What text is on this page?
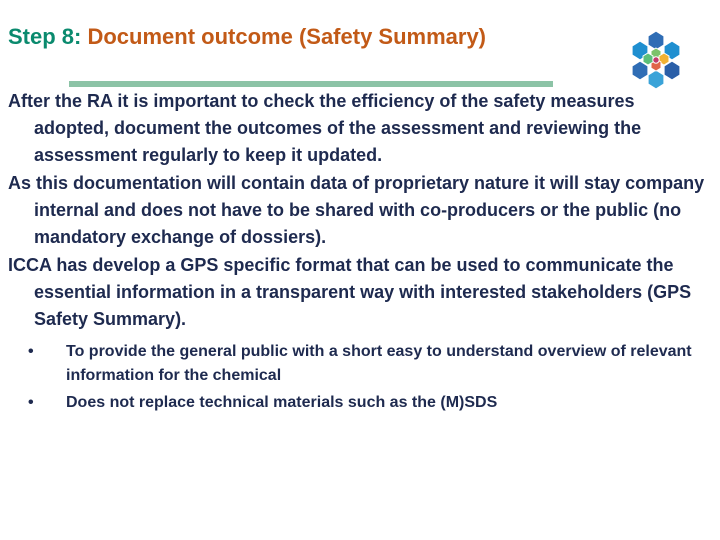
Step 8: Document outcome (Safety Summary)

After the RA it is important to check the efficiency of the safety measures adopted, document the outcomes of the assessment and reviewing the assessment regularly to keep it updated.

As this documentation will contain data of proprietary nature it will stay company internal and does not have to be shared with co-producers or the public (no mandatory exchange of dossiers).

ICCA has develop a GPS specific format that can be used to communicate the essential information in a transparent way with interested stakeholders (GPS Safety Summary).

• To provide the general public with a short easy to understand overview of relevant information for the chemical
• Does not replace technical materials such as the (M)SDS
